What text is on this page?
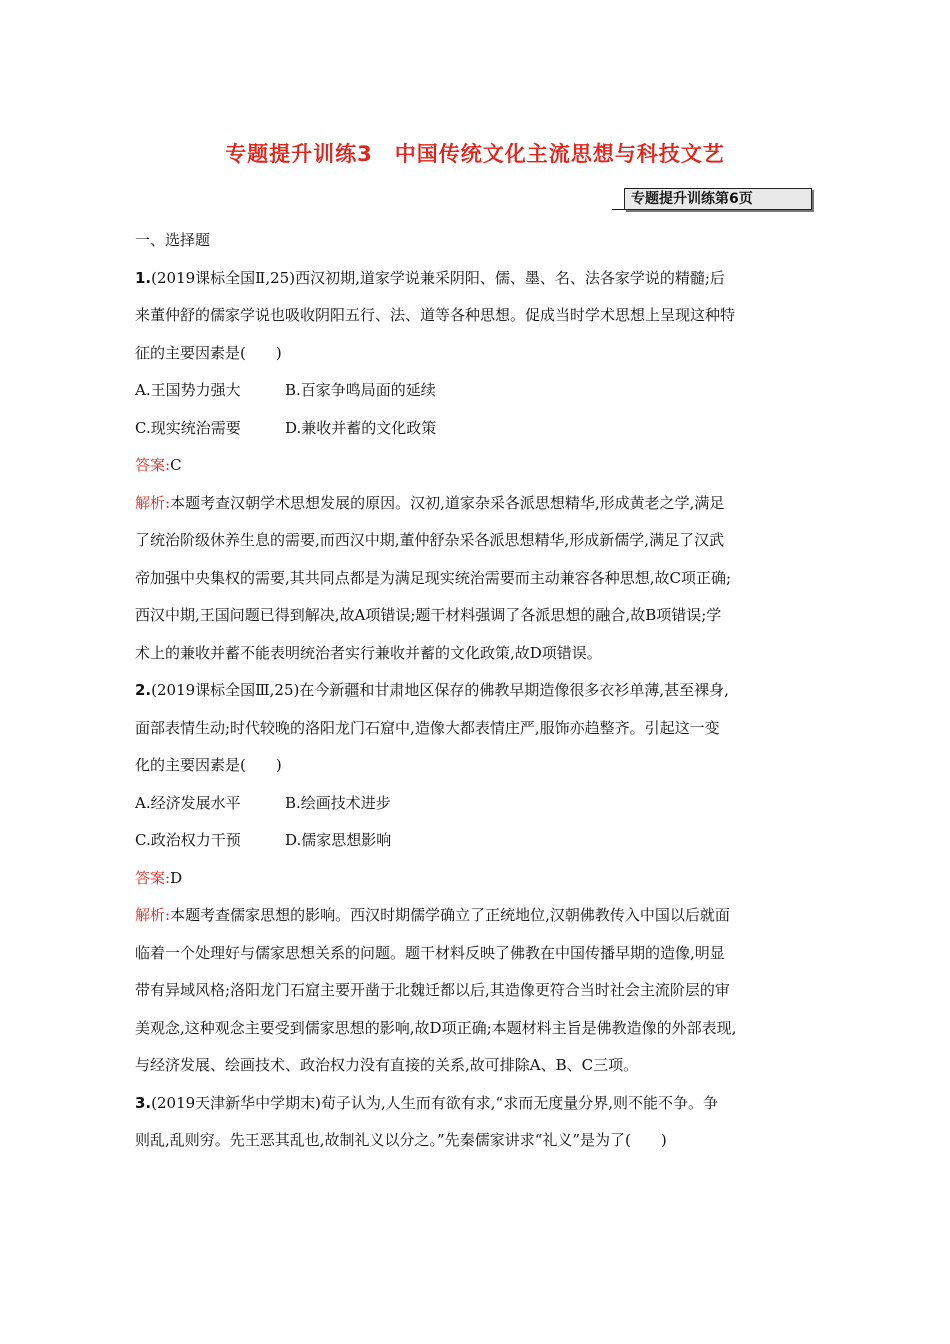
专题提升训练3　中国传统文化主流思想与科技文艺
专题提升训练第6页
一、选择题
1.(2019课标全国Ⅱ,25)西汉初期,道家学说兼采阴阳、儒、墨、名、法各家学说的精髓;后
来董仲舒的儒家学说也吸收阴阳五行、法、道等各种思想。促成当时学术思想上呈现这种特
征的主要因素是(　　)
A.王国势力强大	B.百家争鸣局面的延续
C.现实统治需要	D.兼收并蓄的文化政策
答案:C
解析:本题考查汉朝学术思想发展的原因。汉初,道家杂采各派思想精华,形成黄老之学,满足
了统治阶级休养生息的需要,而西汉中期,董仲舒杂采各派思想精华,形成新儒学,满足了汉武
帝加强中央集权的需要,其共同点都是为满足现实统治需要而主动兼容各种思想,故C项正确;
西汉中期,王国问题已得到解决,故A项错误;题干材料强调了各派思想的融合,故B项错误;学
术上的兼收并蓄不能表明统治者实行兼收并蓄的文化政策,故D项错误。
2.(2019课标全国Ⅲ,25)在今新疆和甘肃地区保存的佛教早期造像很多衣衫单薄,甚至裸身,
面部表情生动;时代较晚的洛阳龙门石窟中,造像大都表情庄严,服饰亦趋整齐。引起这一变
化的主要因素是(　　)
A.经济发展水平	B.绘画技术进步
C.政治权力干预	D.儒家思想影响
答案:D
解析:本题考查儒家思想的影响。西汉时期儒学确立了正统地位,汉朝佛教传入中国以后就面
临着一个处理好与儒家思想关系的问题。题干材料反映了佛教在中国传播早期的造像,明显
带有异域风格;洛阳龙门石窟主要开凿于北魏迁都以后,其造像更符合当时社会主流阶层的审
美观念,这种观念主要受到儒家思想的影响,故D项正确;本题材料主旨是佛教造像的外部表现,
与经济发展、绘画技术、政治权力没有直接的关系,故可排除A、B、C三项。
3.(2019天津新华中学期末)荀子认为,人生而有欲有求,“求而无度量分界,则不能不争。争
则乱,乱则穷。先王恶其乱也,故制礼义以分之。”先秦儒家讲求“礼义”是为了(　　)
